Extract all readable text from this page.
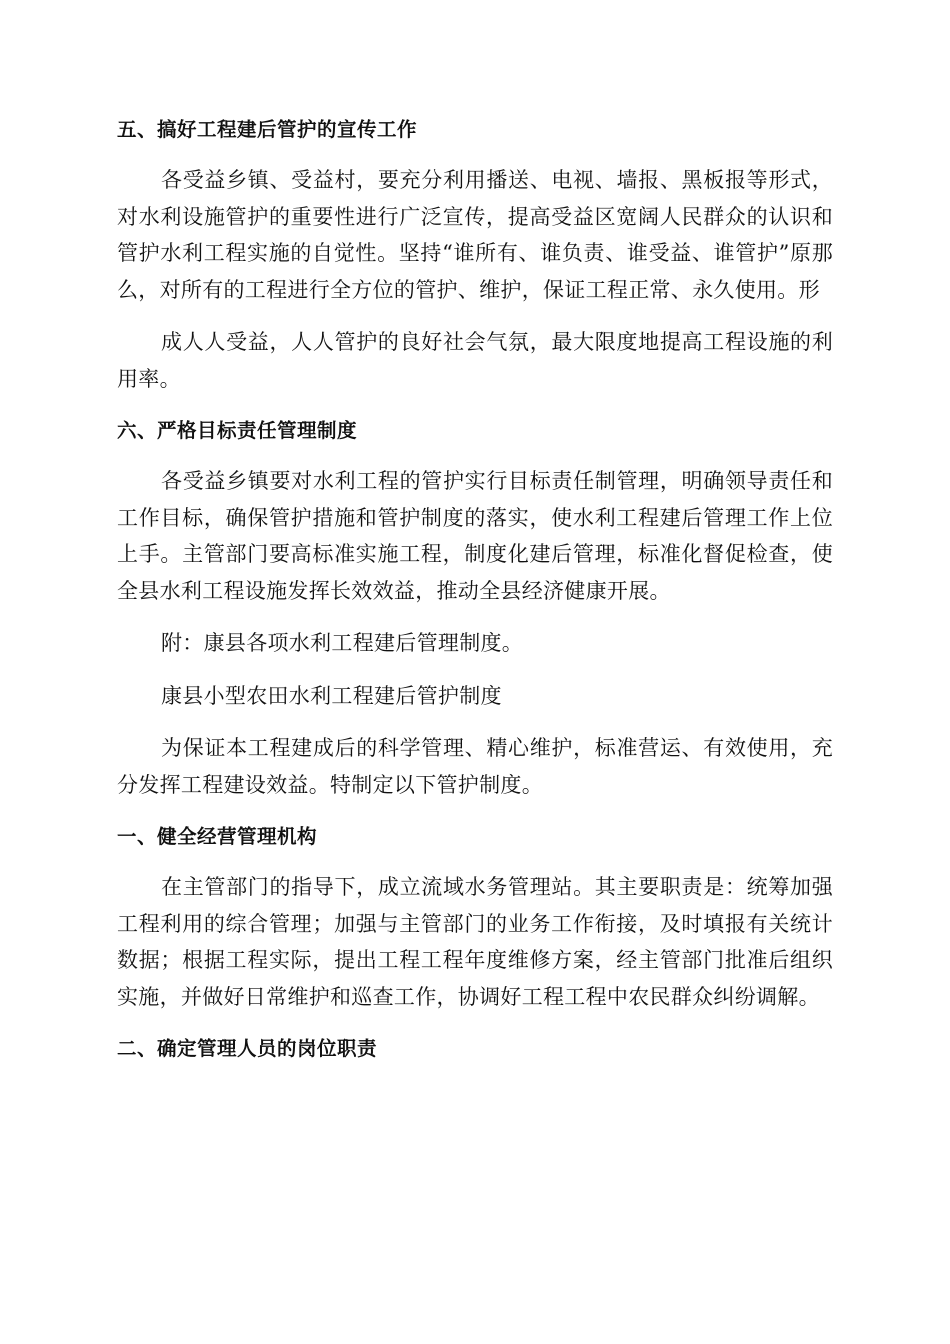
五、搞好工程建后管护的宣传工作

各受益乡镇、受益村，要充分利用播送、电视、墙报、黑板报等形式，对水利设施管护的重要性进行广泛宣传，提高受益区宽阔人民群众的认识和管护水利工程实施的自觉性。坚持“谁所有、谁负责、谁受益、谁管护”原那么，对所有的工程进行全方位的管护、维护，保证工程正常、永久使用。形

成人人受益，人人管护的良好社会气氛，最大限度地提高工程设施的利用率。

六、严格目标责任管理制度

各受益乡镇要对水利工程的管护实行目标责任制管理，明确领导责任和工作目标，确保管护措施和管护制度的落实，使水利工程建后管理工作上位上手。主管部门要高标准实施工程，制度化建后管理，标准化督促检查，使全县水利工程设施发挥长效效益，推动全县经济健康开展。

附：康县各项水利工程建后管理制度。

康县小型农田水利工程建后管护制度

为保证本工程建成后的科学管理、精心维护，标准营运、有效使用，充分发挥工程建设效益。特制定以下管护制度。

一、健全经营管理机构

在主管部门的指导下，成立流域水务管理站。其主要职责是：统筹加强工程利用的综合管理；加强与主管部门的业务工作衔接，及时填报有关统计数据；根据工程实际，提出工程工程年度维修方案，经主管部门批准后组织实施，并做好日常维护和巡查工作，协调好工程工程中农民群众纠纷调解。

二、确定管理人员的岗位职责
